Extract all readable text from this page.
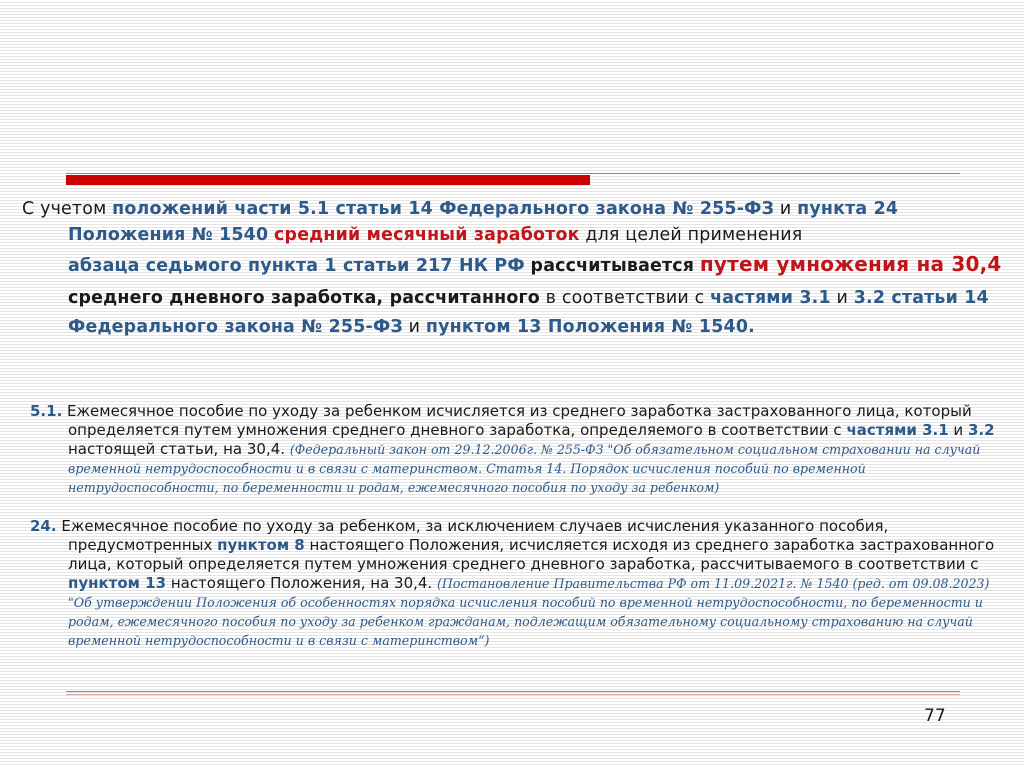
С учетом положений части 5.1 статьи 14 Федерального закона № 255-ФЗ и пункта 24 Положения № 1540 средний месячный заработок для целей применения
абзаца седьмого пункта 1 статьи 217 НК РФ рассчитывается путем умножения на 30,4 среднего дневного заработка, рассчитанного в соответствии с частями 3.1 и 3.2 статьи 14 Федерального закона № 255-ФЗ и пунктом 13 Положения № 1540.

5.1. Ежемесячное пособие по уходу за ребенком исчисляется из среднего заработка застрахованного лица, который определяется путем умножения среднего дневного заработка, определяемого в соответствии с частями 3.1 и 3.2 настоящей статьи, на 30,4. (Федеральный закон от 29.12.2006г. № 255-ФЗ "Об обязательном социальном страховании на случай временной нетрудоспособности и в связи с материнством. Статья 14. Порядок исчисления пособий по временной нетрудоспособности, по беременности и родам, ежемесячного пособия по уходу за ребенком)

24. Ежемесячное пособие по уходу за ребенком, за исключением случаев исчисления указанного пособия, предусмотренных пунктом 8 настоящего Положения, исчисляется исходя из среднего заработка застрахованного лица, который определяется путем умножения среднего дневного заработка, рассчитываемого в соответствии с пунктом 13 настоящего Положения, на 30,4. (Постановление Правительства РФ от 11.09.2021г. № 1540 (ред. от 09.08.2023) "Об утверждении Положения об особенностях порядка исчисления пособий по временной нетрудоспособности, по беременности и родам, ежемесячного пособия по уходу за ребенком гражданам, подлежащим обязательному социальному страхованию на случай временной нетрудоспособности и в связи с материнством“)

77
